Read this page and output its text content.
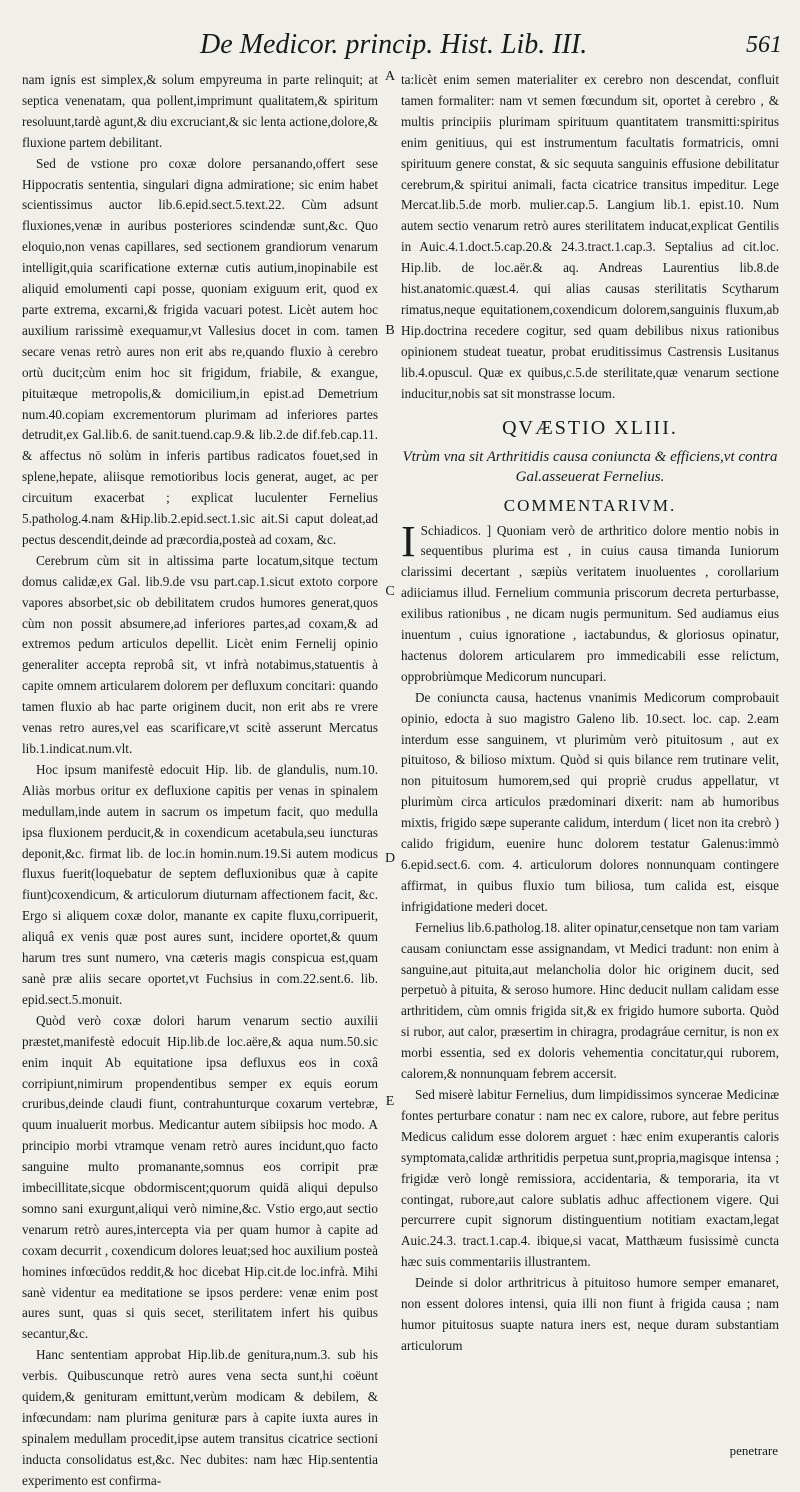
De Medicor. princip. Hist. Lib. III.	561

nam ignis est simplex,& solum empyreuma in parte relinquit; at septica venenatam, qua pollent,imprimunt qualitatem,& spiritum resoluunt,tardè agunt,& diu excruciant,& sic lenta actione,dolore,& fluxione partem debilitant.

Sed de vstione pro coxæ dolore persanando,offert sese Hippocratis sententia, singulari digna admiratione; sic enim habet scientissimus auctor lib.6.epid.sect.5.text.22. Cùm adsunt fluxiones,venæ in auribus posteriores scindendæ sunt,&c. Quo eloquio,non venas capillares, sed sectionem grandiorum venarum intelligit,quia scarificatione externæ cutis autium,inopinabile est aliquid emolumenti capi posse, quoniam exiguum erit, quod ex parte extrema, excarni,& frigida vacuari potest. Licèt autem hoc auxilium rarissimè exequamur,vt Vallesius docet in com. tamen secare venas retrò aures non erit abs re,quando fluxio à cerebro ortù ducit;cùm enim hoc sit frigidum, friabile, & exangue, pituitæque metropolis,& domicilium,in epist.ad Demetrium num.40.copiam excrementorum plurimam ad inferiores partes detrudit,ex Gal.lib.6. de sanit.tuend.cap.9.& lib.2.de dif.feb.cap.11. & affectus nō solùm in inferis partibus radicatos fouet,sed in splene,hepate, aliisque remotioribus locis generat, auget, ac per circuitum exacerbat ; explicat luculenter Fernelius 5.patholog.4.nam &Hip.lib.2.epid.sect.1.sic ait.Si caput doleat,ad pectus descendit,deinde ad præcordia,posteà ad coxam, &c.

Cerebrum cùm sit in altissima parte locatum,sitque tectum domus calidæ,ex Gal. lib.9.de vsu part.cap.1.sicut extoto corpore vapores absorbet,sic ob debilitatem crudos humores generat,quos cùm non possit absumere,ad inferiores partes,ad coxam,& ad extremos pedum articulos depellit. Licèt enim Fernelij opinio generaliter accepta reprobâ sit, vt infrà notabimus,statuentis à capite omnem articularem dolorem per defluxum concitari: quando tamen fluxio ab hac parte originem ducit, non erit abs re vrere venas retro aures,vel eas scarificare,vt scitè asserunt Mercatus lib.1.indicat.num.vlt.

Hoc ipsum manifestè edocuit Hip. lib. de glandulis, num.10. Aliàs morbus oritur ex defluxione capitis per venas in spinalem medullam,inde autem in sacrum os impetum facit, quo medulla ipsa fluxionem perducit,& in coxendicum acetabula,seu iuncturas deponit,&c. firmat lib. de loc.in homin.num.19.Si autem modicus fluxus fuerit(loquebatur de septem defluxionibus quæ à capite fiunt)coxendicum, & articulorum diuturnam affectionem facit, &c. Ergo si aliquem coxæ dolor, manante ex capite fluxu,corripuerit, aliquâ ex venis quæ post aures sunt, incidere oportet,& quum harum tres sunt numero, vna cæteris magis conspicua est,quam sanè præ aliis secare oportet,vt Fuchsius in com.22.sent.6. lib. epid.sect.5.monuit.

Quòd verò coxæ dolori harum venarum sectio auxilii præstet,manifestè edocuit Hip.lib.de loc.aëre,& aqua num.50.sic enim inquit Ab equitatione ipsa defluxus eos in coxâ corripiunt,nimirum propendentibus semper ex equis eorum cruribus,deinde claudi fiunt, contrahunturque coxarum vertebræ, quum inualuerit morbus. Medicantur autem sibiipsis hoc modo. A principio morbi vtramque venam retrò aures incidunt,quo facto sanguine multo promanante,somnus eos corripit præ imbecillitate,sicque obdormiscent;quorum quidā aliqui depulso somno sani exurgunt,aliqui verò nimine,&c. Vstio ergo,aut sectio venarum retrò aures,intercepta via per quam humor à capite ad coxam decurrit , coxendicum dolores leuat;sed hoc auxilium posteà homines infœcūdos reddit,& hoc dicebat Hip.cit.de loc.infrà. Mihi sanè videntur ea meditatione se ipsos perdere: venæ enim post aures sunt, quas si quis secet, sterilitatem infert his quibus secantur,&c.

Hanc sententiam approbat Hip.lib.de genitura,num.3. sub his verbis. Quibuscunque retrò aures vena secta sunt,hi coëunt quidem,& genituram emittunt,verùm modicam & debilem, & infœcundam: nam plurima genituræ pars à capite iuxta aures in spinalem medullam procedit,ipse autem transitus cicatrice sectioni inducta consolidatus est,&c. Nec dubites: nam hæc Hip.sententia experimento est confirma-

A
B
C
D
E

ta:licèt enim semen materialiter ex cerebro non descendat, confluit tamen formaliter: nam vt semen fœcundum sit, oportet à cerebro , & multis principiis plurimam spirituum quantitatem transmitti:spiritus enim genitiuus, qui est instrumentum facultatis formatricis, omni spirituum genere constat, & sic sequuta sanguinis effusione debilitatur cerebrum,& spiritui animali, facta cicatrice transitus impeditur. Lege Mercat.lib.5.de morb. mulier.cap.5. Langium lib.1. epist.10. Num autem sectio venarum retrò aures sterilitatem inducat,explicat Gentilis in Auic.4.1.doct.5.cap.20.& 24.3.tract.1.cap.3. Septalius ad cit.loc. Hip.lib. de loc.aër.& aq. Andreas Laurentius lib.8.de hist.anatomic.quæst.4. qui alias causas sterilitatis Scytharum rimatus,neque equitationem,coxendicum dolorem,sanguinis fluxum,ab Hip.doctrina recedere cogitur, sed quam debilibus nixus rationibus opinionem studeat tueatur, probat eruditissimus Castrensis Lusitanus lib.4.opuscul. Quæ ex quibus,c.5.de sterilitate,quæ venarum sectione inducitur,nobis sat sit monstrasse locum.

QVÆSTIO XLIII.
Vtrùm vna sit Arthritidis causa coniuncta & efficiens,vt contra Gal.asseuerat Fernelius.
COMMENTARIVM.

I Schiadicos. ] Quoniam verò de arthritico dolore mentio nobis in sequentibus plurima est , in cuius causa timanda Iuniorum clarissimi decertant , sæpiùs veritatem inuoluentes , corollarium adiiciamus illud. Fernelium communia priscorum decreta perturbasse, exilibus rationibus , ne dicam nugis permunitum. Sed audiamus eius inuentum , cuius ignoratione , iactabundus, & gloriosus opinatur, hactenus dolorem articularem pro immedicabili esse relictum, opprobriùmque Medicorum nuncupari.

De coniuncta causa, hactenus vnanimis Medicorum comprobauit opinio, edocta à suo magistro Galeno lib. 10.sect. loc. cap. 2.eam interdum esse sanguinem, vt plurimùm verò pituitosum , aut ex pituitoso, & bilioso mixtum. Quòd si quis bilance rem trutinare velit, non pituitosum humorem,sed qui propriè crudus appellatur, vt plurimùm circa articulos prædominari dixerit: nam ab humoribus mixtis, frigido sæpe superante calidum, interdum ( licet non ita crebrò ) calido frigidum, euenire hunc dolorem testatur Galenus:immò 6.epid.sect.6. com. 4. articulorum dolores nonnunquam contingere affirmat, in quibus fluxio tum biliosa, tum calida est, eisque infrigidatione mederi docet.

Fernelius lib.6.patholog.18. aliter opinatur,censetque non tam variam causam coniunctam esse assignandam, vt Medici tradunt: non enim à sanguine,aut pituita,aut melancholia dolor hic originem ducit, sed perpetuò à pituita, & seroso humore. Hinc deducit nullam calidam esse arthritidem, cùm omnis frigida sit,& ex frigido humore suborta. Quòd si rubor, aut calor, præsertim in chiragra, prodagráue cernitur, is non ex morbi essentia, sed ex doloris vehementia concitatur,qui ruborem, calorem,& nonnunquam febrem accersit.

Sed miserè labitur Fernelius, dum limpidissimos syncerae Medicinæ fontes perturbare conatur : nam nec ex calore, rubore, aut febre peritus Medicus calidum esse dolorem arguet : hæc enim exuperantis caloris symptomata,calidæ arthritidis perpetua sunt,propria,magisque intensa ; frigidæ verò longè remissiora, accidentaria, & temporaria, ita vt contingat, rubore,aut calore sublatis adhuc affectionem vigere. Qui percurrere cupit signorum distinguentium notitiam exactam,legat Auic.24.3. tract.1.cap.4. ibique,si vacat, Matthæum fusissimè cuncta hæc suis commentariis illustrantem.

Deinde si dolor arthritricus à pituitoso humore semper emanaret, non essent dolores intensi, quia illi non fiunt à frigida causa ; nam humor pituitosus suapte natura iners est, neque duram substantiam articulorum

penetrare
